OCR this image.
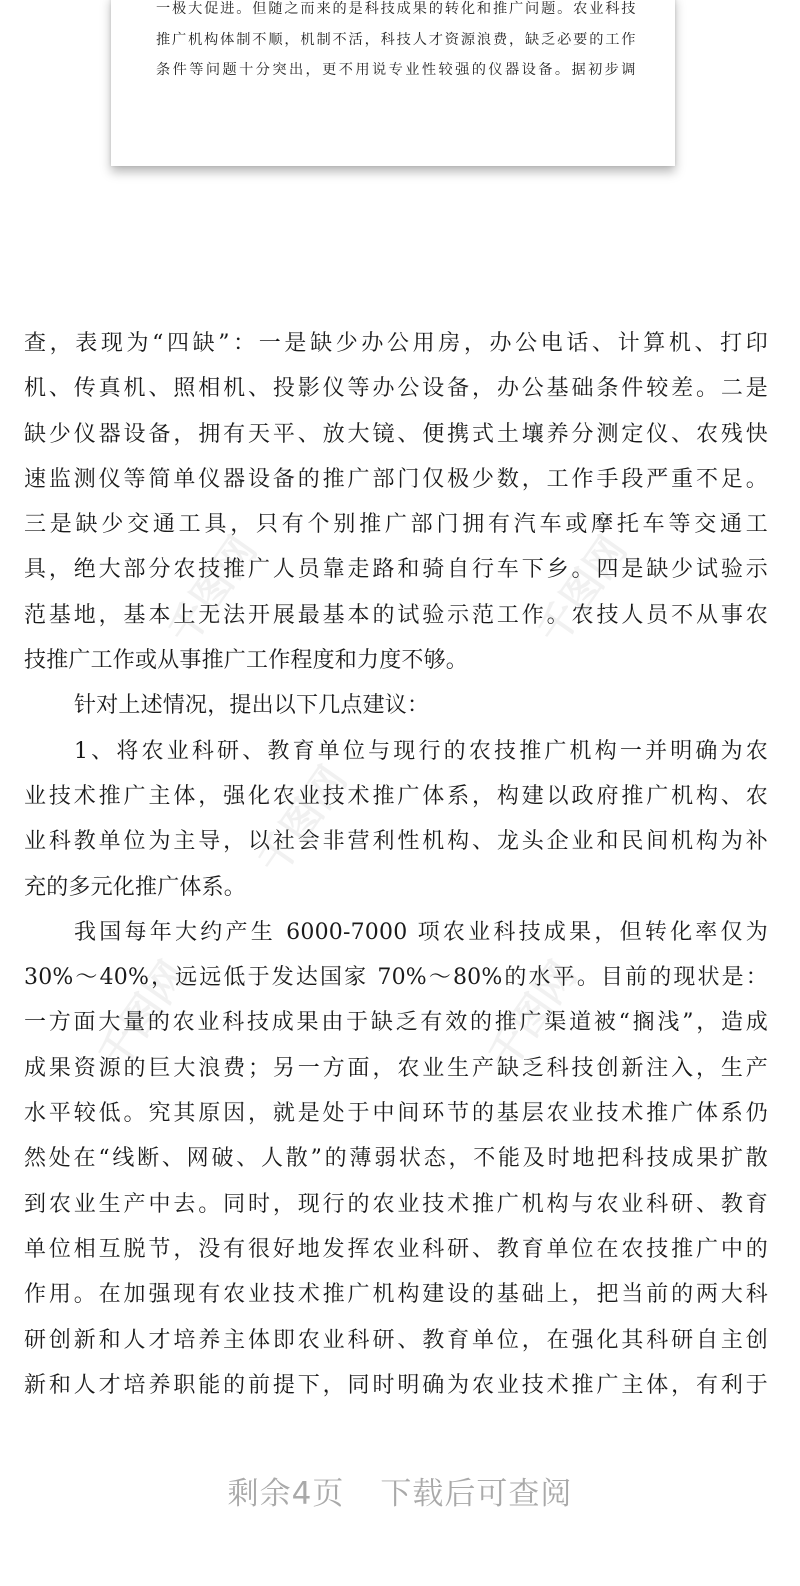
一极大促进。但随之而来的是科技成果的转化和推广问题。农业科技
推广机构体制不顺，机制不活，科技人才资源浪费，缺乏必要的工作
条件等问题十分突出，更不用说专业性较强的仪器设备。据初步调
千图网	千图网
千图网
千图网	千图网
查，表现为“四缺”：一是缺少办公用房，办公电话、计算机、打印
机、传真机、照相机、投影仪等办公设备，办公基础条件较差。二是
缺少仪器设备，拥有天平、放大镜、便携式土壤养分测定仪、农残快
速监测仪等简单仪器设备的推广部门仅极少数，工作手段严重不足。
三是缺少交通工具，只有个别推广部门拥有汽车或摩托车等交通工
具，绝大部分农技推广人员靠走路和骑自行车下乡。四是缺少试验示
范基地，基本上无法开展最基本的试验示范工作。农技人员不从事农
技推广工作或从事推广工作程度和力度不够。
针对上述情况，提出以下几点建议：
1、将农业科研、教育单位与现行的农技推广机构一并明确为农
业技术推广主体，强化农业技术推广体系，构建以政府推广机构、农
业科教单位为主导，以社会非营利性机构、龙头企业和民间机构为补
充的多元化推广体系。
我国每年大约产生 6000-7000 项农业科技成果，但转化率仅为
30%～40%，远远低于发达国家 70%～80%的水平。目前的现状是：
一方面大量的农业科技成果由于缺乏有效的推广渠道被“搁浅”，造成
成果资源的巨大浪费；另一方面，农业生产缺乏科技创新注入，生产
水平较低。究其原因，就是处于中间环节的基层农业技术推广体系仍
然处在“线断、网破、人散”的薄弱状态，不能及时地把科技成果扩散
到农业生产中去。同时，现行的农业技术推广机构与农业科研、教育
单位相互脱节，没有很好地发挥农业科研、教育单位在农技推广中的
作用。在加强现有农业技术推广机构建设的基础上，把当前的两大科
研创新和人才培养主体即农业科研、教育单位，在强化其科研自主创
新和人才培养职能的前提下，同时明确为农业技术推广主体，有利于
剩余4页 下载后可查阅
